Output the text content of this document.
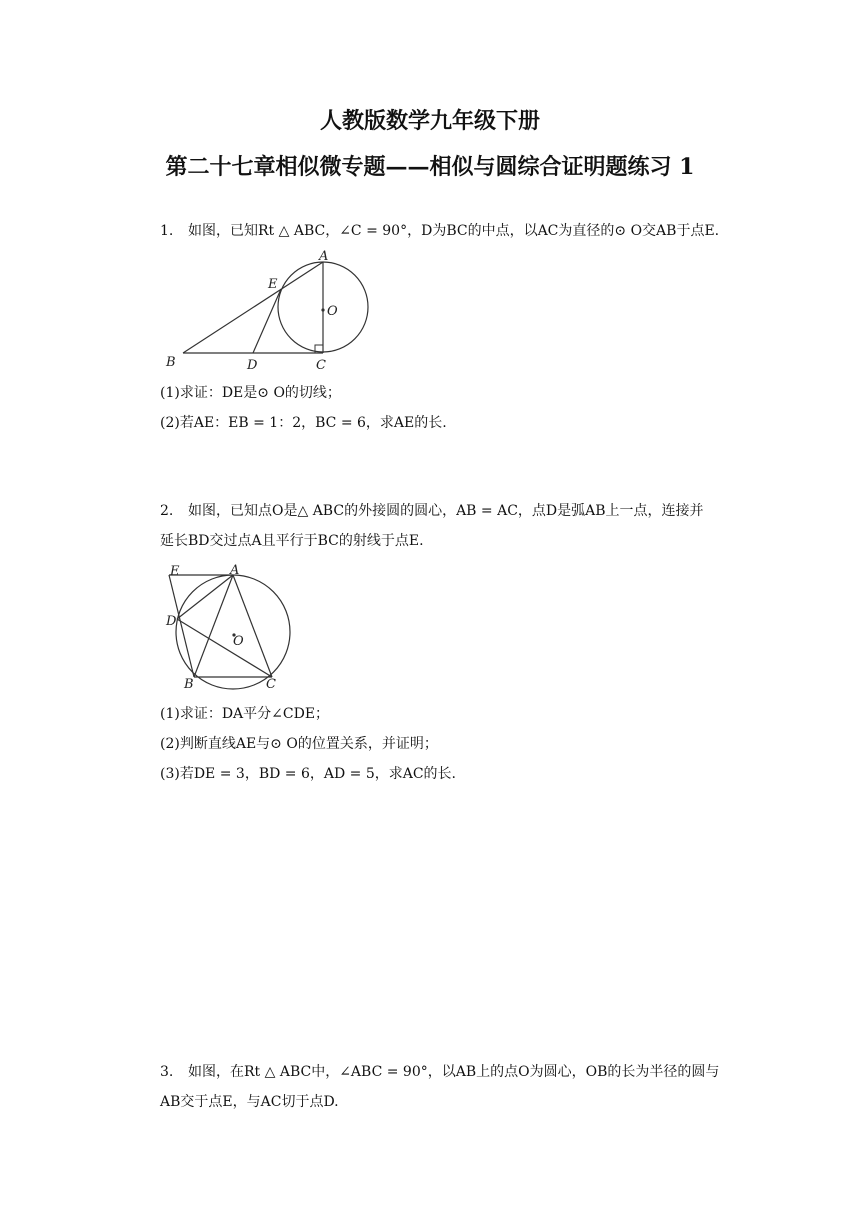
人教版数学九年级下册
第二十七章相似微专题——相似与圆综合证明题练习 1
1. 如图，已知Rt △ ABC，∠C = 90°，D为BC的中点，以AC为直径的⊙ O交AB于点E.
A
E
O
B	D	C
(1)求证：DE是⊙ O的切线；
(2)若AE：EB = 1：2，BC = 6，求AE的长.
2. 如图，已知点O是△ ABC的外接圆的圆心，AB = AC，点D是弧AB上一点，连接并
延长BD交过点A且平行于BC的射线于点E.
E	A
D
O
B	C
(1)求证：DA平分∠CDE；
(2)判断直线AE与⊙ O的位置关系，并证明；
(3)若DE = 3，BD = 6，AD = 5，求AC的长.
3. 如图，在Rt △ ABC中，∠ABC = 90°，以AB上的点O为圆心，OB的长为半径的圆与
AB交于点E，与AC切于点D.
